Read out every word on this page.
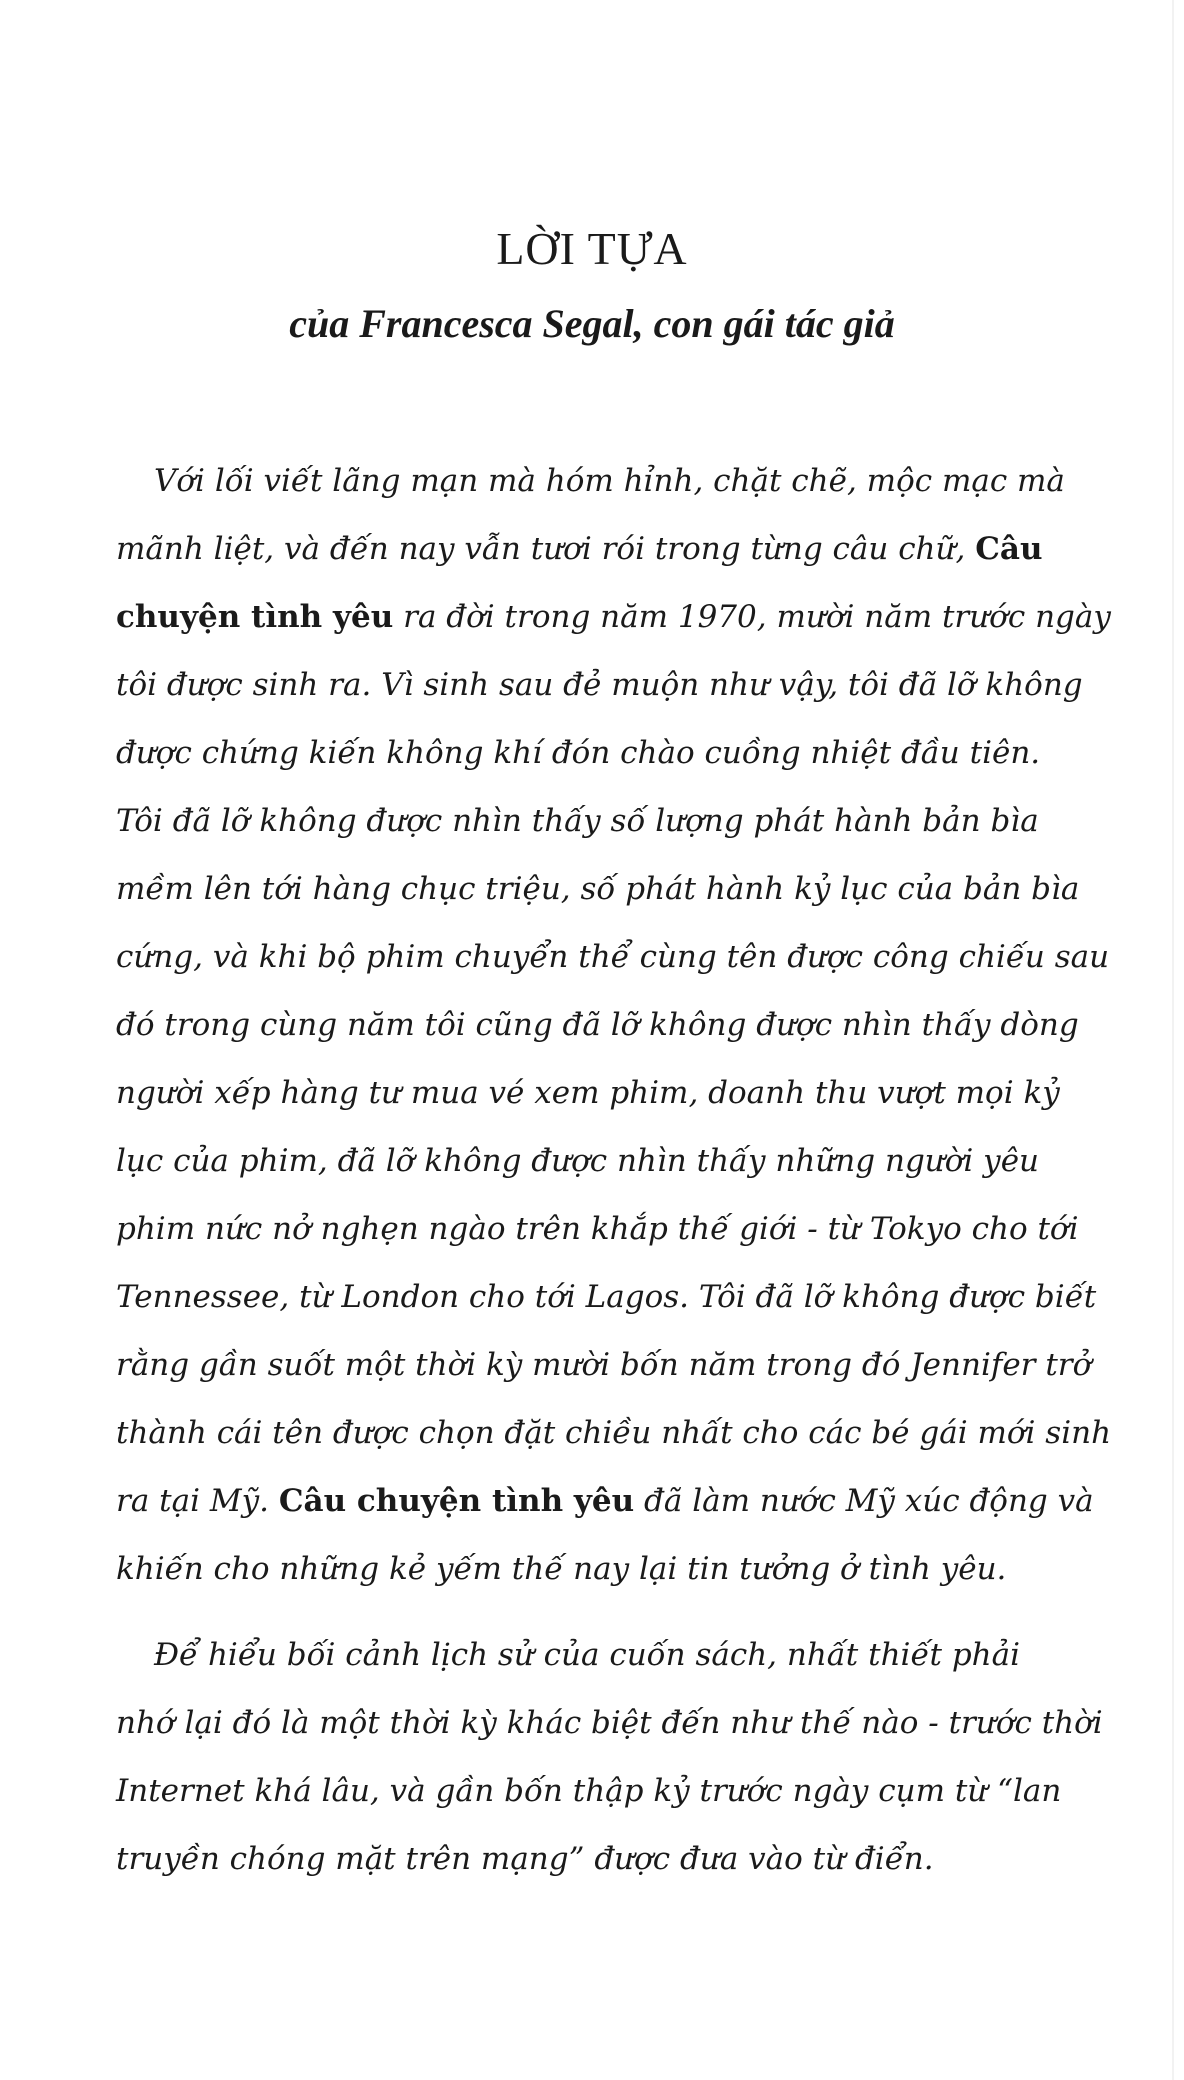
LỜI TỰA
của Francesca Segal, con gái tác giả
Với lối viết lãng mạn mà hóm hỉnh, chặt chẽ, mộc mạc mà
mãnh liệt, và đến nay vẫn tươi rói trong từng câu chữ, Câu
chuyện tình yêu ra đời trong năm 1970, mười năm trước ngày
tôi được sinh ra. Vì sinh sau đẻ muộn như vậy, tôi đã lỡ không
được chứng kiến không khí đón chào cuồng nhiệt đầu tiên.
Tôi đã lỡ không được nhìn thấy số lượng phát hành bản bìa
mềm lên tới hàng chục triệu, số phát hành kỷ lục của bản bìa
cứng, và khi bộ phim chuyển thể cùng tên được công chiếu sau
đó trong cùng năm tôi cũng đã lỡ không được nhìn thấy dòng
người xếp hàng tư mua vé xem phim, doanh thu vượt mọi kỷ
lục của phim, đã lỡ không được nhìn thấy những người yêu
phim nức nở nghẹn ngào trên khắp thế giới - từ Tokyo cho tới
Tennessee, từ London cho tới Lagos. Tôi đã lỡ không được biết
rằng gần suốt một thời kỳ mười bốn năm trong đó Jennifer trở
thành cái tên được chọn đặt chiều nhất cho các bé gái mới sinh
ra tại Mỹ. Câu chuyện tình yêu đã làm nước Mỹ xúc động và
khiến cho những kẻ yếm thế nay lại tin tưởng ở tình yêu.
Để hiểu bối cảnh lịch sử của cuốn sách, nhất thiết phải
nhớ lại đó là một thời kỳ khác biệt đến như thế nào - trước thời
Internet khá lâu, và gần bốn thập kỷ trước ngày cụm từ “lan
truyền chóng mặt trên mạng” được đưa vào từ điển.
